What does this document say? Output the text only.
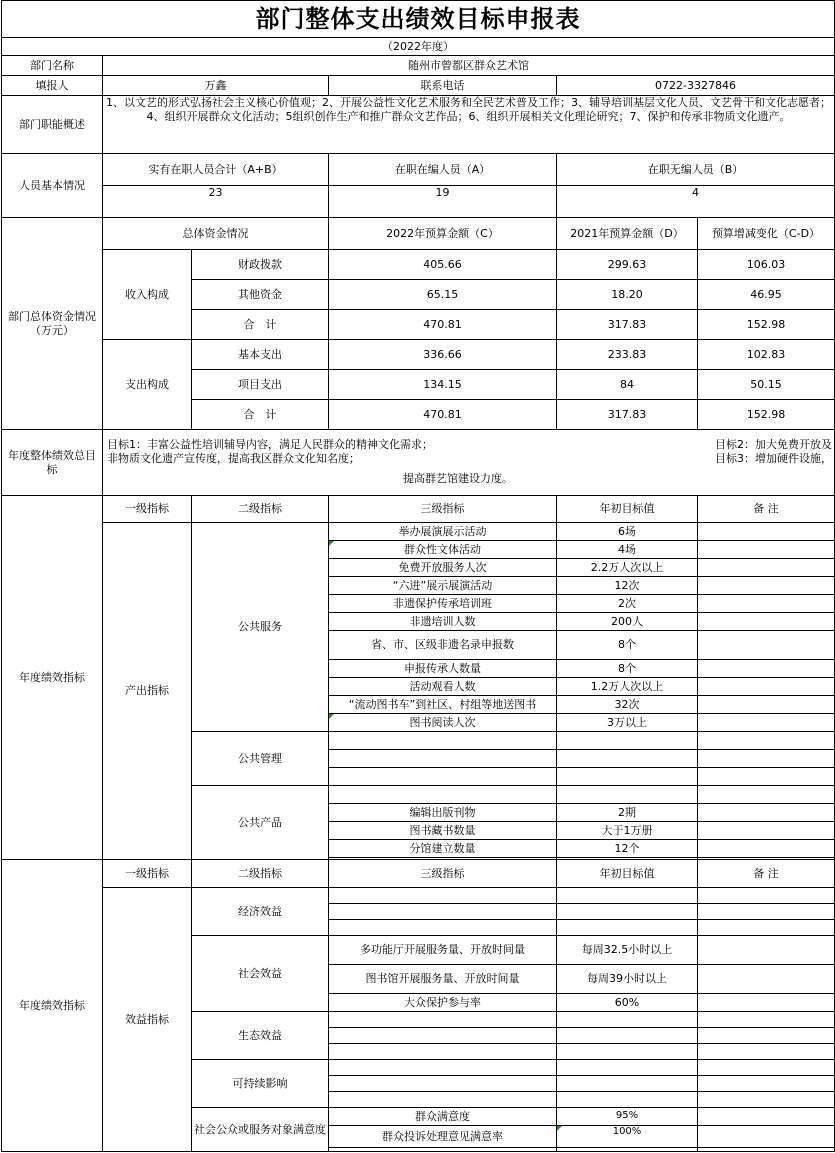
部门整体支出绩效目标申报表					
（2022年度）					
部门名称	随州市曾都区群众艺术馆				
填报人	万鑫		联系电话	0722-3327846	
部门职能概述	1、以文艺的形式弘扬社会主义核心价值观；2、开展公益性文化艺术服务和全民艺术普及工作；3、辅导培训基层文化人员、文艺骨干和文化志愿者；4、组织开展群众文化活动；5组织创作生产和推广群众文艺作品；6、组织开展相关文化理论研究；7、保护和传承非物质文化遗产。				
人员基本情况	实有在职人员合计（A+B）		在职在编人员（A）	在职无编人员（B）	
	23		19	4	
部门总体资金情况（万元）	总体资金情况		2022年预算金额（C）	2021年预算金额（D）	预算增减变化（C-D）
	收入构成	财政拨款	405.66	299.63	106.03
		其他资金	65.15	18.20	46.95
		合　计	470.81	317.83	152.98
	支出构成	基本支出	336.66	233.83	102.83
		项目支出	134.15	84	50.15
		合　计	470.81	317.83	152.98
年度整体绩效总目标	目标1：丰富公益性培训辅导内容，满足人民群众的精神文化需求；
非物质文化遗产宣传度，提高我区群众文化知名度；
提高群艺馆建设力度。
目标2：加大免费开放及
目标3：增加硬件设施，				

年度绩效指标	一级指标	二级指标	三级指标	年初目标值	备 注
	产出指标	公共服务	举办展演展示活动	6场	
			群众性文体活动	4场	
			免费开放服务人次	2.2万人次以上	
			“六进”展示展演活动	12次	
			非遗保护传承培训班	2次	
			非遗培训人数	200人	
			省、市、区级非遗名录申报数	8个	
			申报传承人数量	8个	
			活动观看人数	1.2万人次以上	
			“流动图书车”到社区、村组等地送图书	32次	
			图书阅读人次	3万以上	
		公共管理			

		公共产品			
			编辑出版刊物	2期	
			图书藏书数量	大于1万册	
			分馆建立数量	12个	

年度绩效指标	一级指标	二级指标	三级指标	年初目标值	备 注
	效益指标	经济效益			

		社会效益	多功能厅开展服务量、开放时间量	每周32.5小时以上	
			图书馆开展服务量、开放时间量	每周39小时以上	
			大众保护参与率	60%	
		生态效益			

		可持续影响			

		社会公众或服务对象满意度	群众满意度	95%	
			群众投诉处理意见满意率	100%	
